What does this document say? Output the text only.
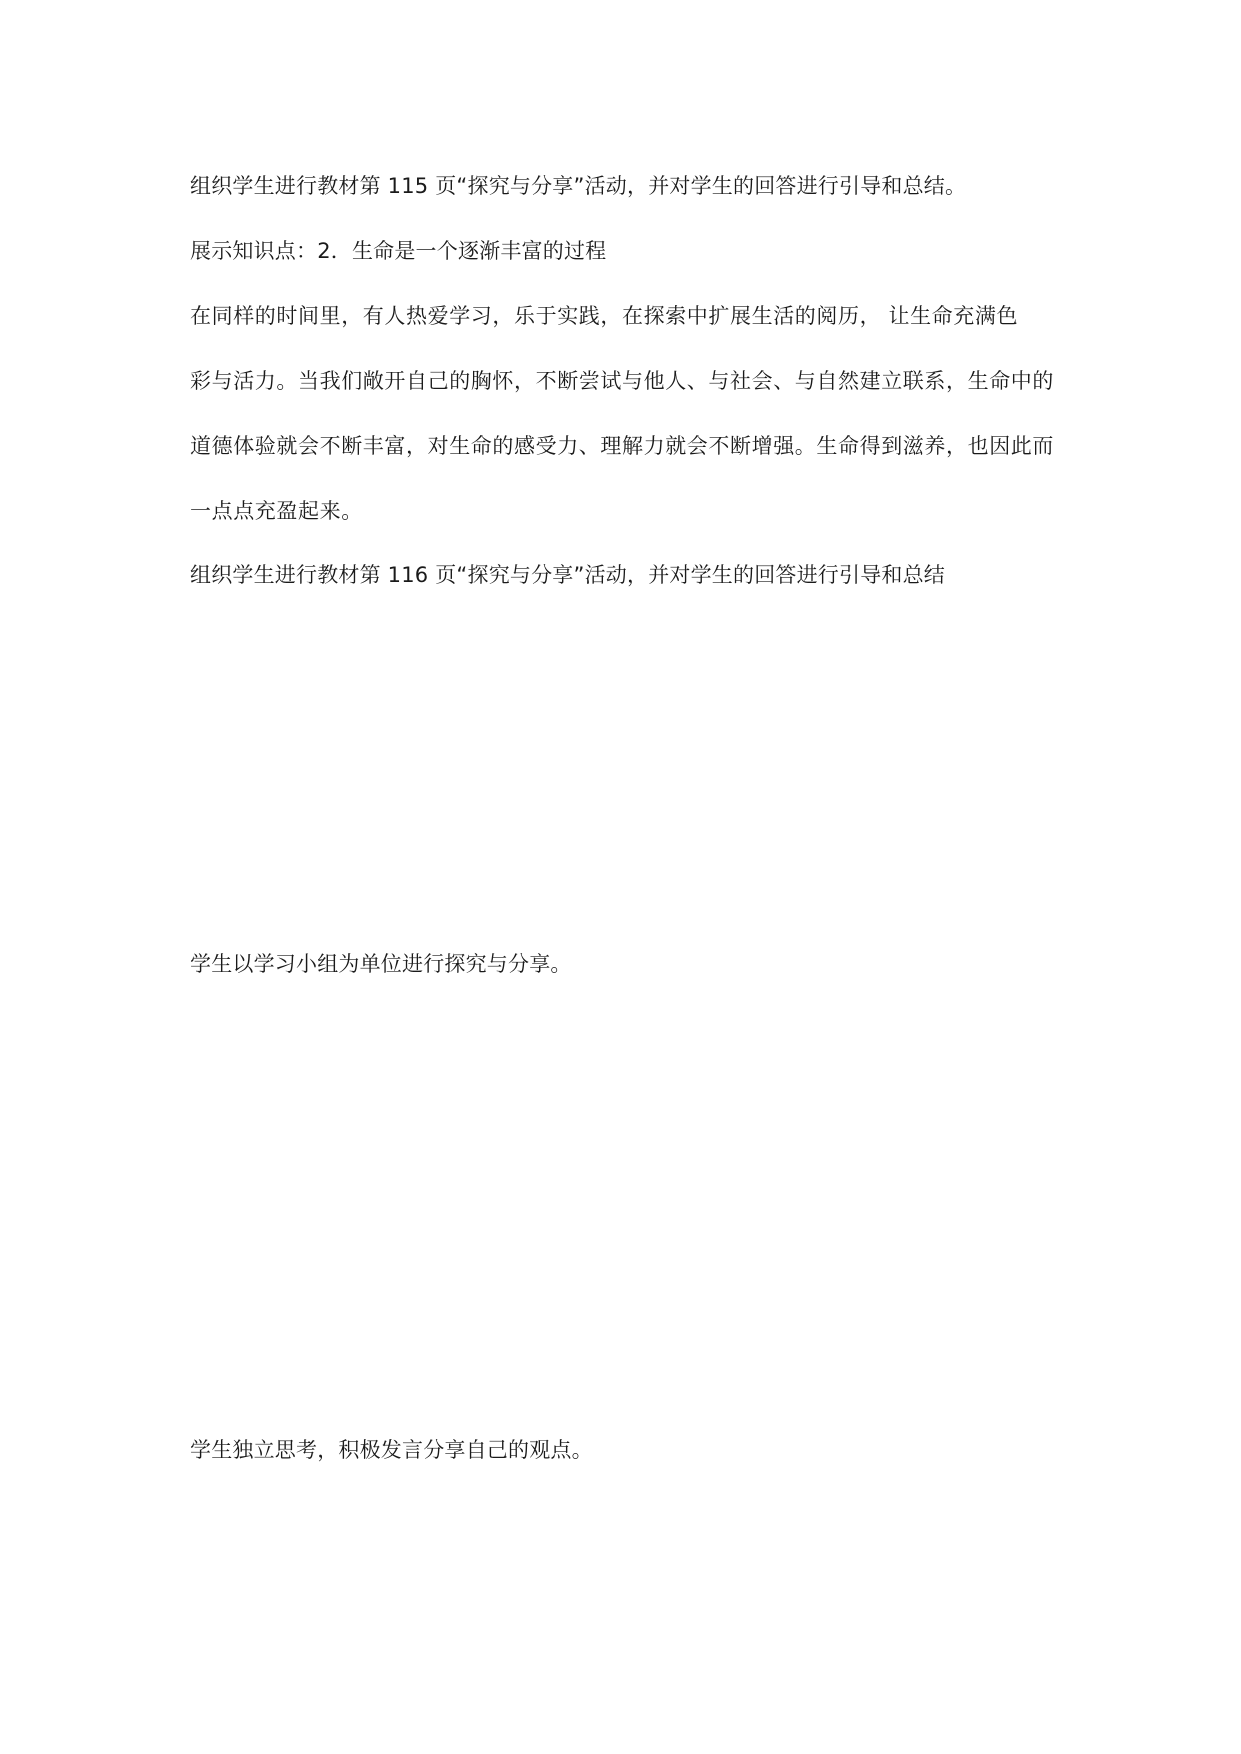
组织学生进行教材第 115 页“探究与分享”活动，并对学生的回答进行引导和总结。
展示知识点：2．生命是一个逐渐丰富的过程
在同样的时间里，有人热爱学习，乐于实践，在探索中扩展生活的阅历， 让生命充满色
彩与活力。当我们敞开自己的胸怀，不断尝试与他人、与社会、与自然建立联系，生命中的
道德体验就会不断丰富，对生命的感受力、理解力就会不断增强。生命得到滋养，也因此而
一点点充盈起来。
组织学生进行教材第 116 页“探究与分享”活动，并对学生的回答进行引导和总结
学生以学习小组为单位进行探究与分享。
学生独立思考，积极发言分享自己的观点。
